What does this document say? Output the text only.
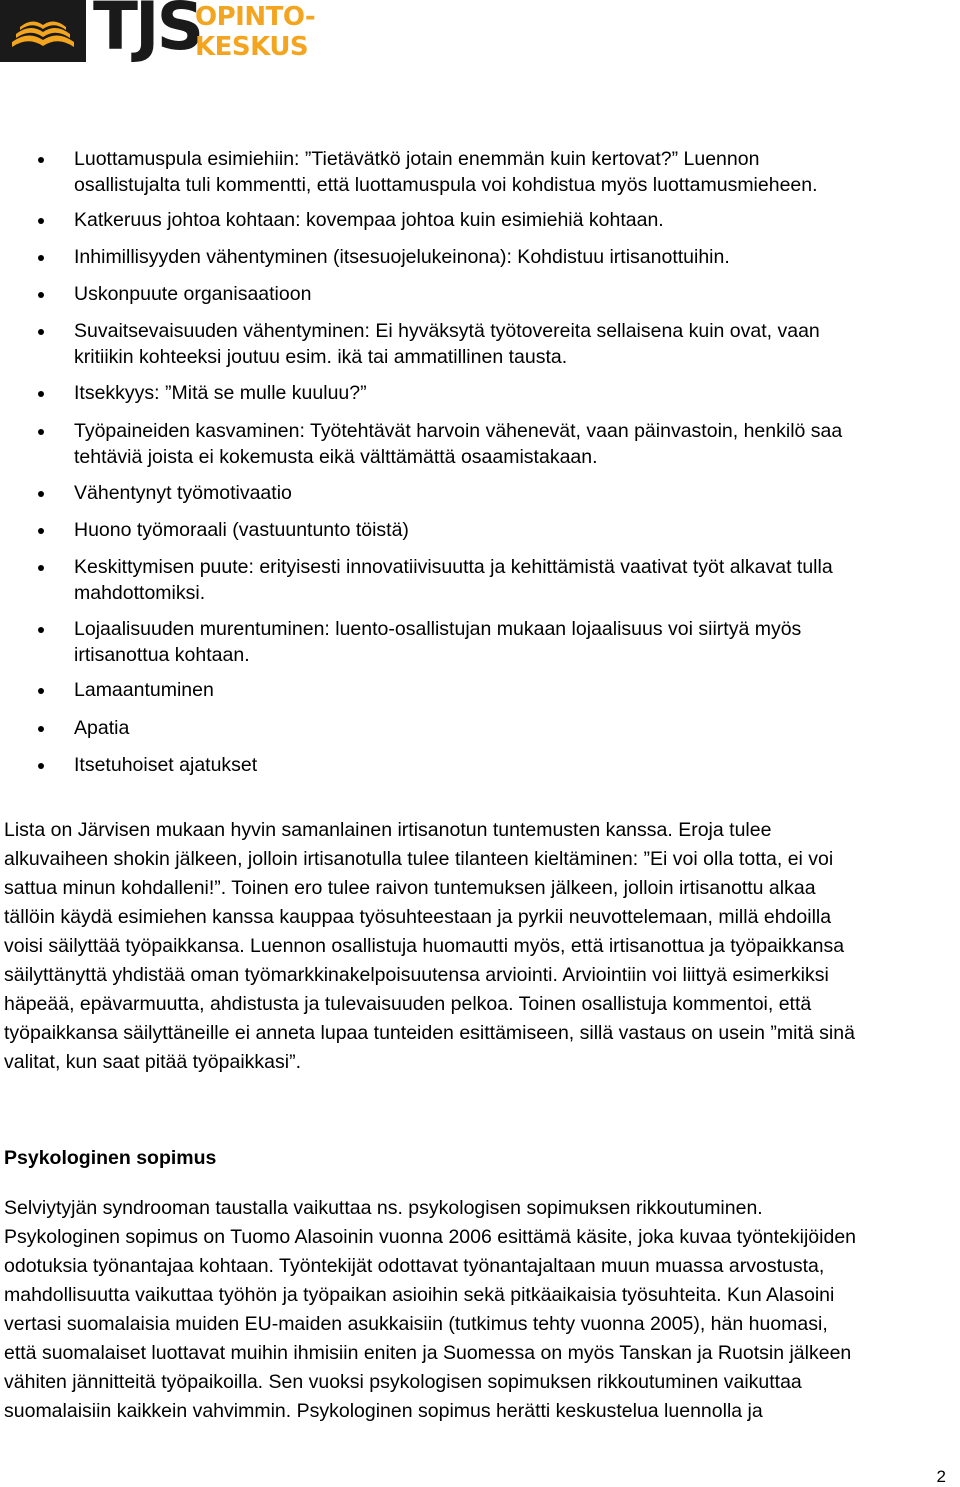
TJS
OPINTO-
KESKUS
Luottamuspula esimiehiin: ”Tietävätkö jotain enemmän kuin kertovat?” Luennon
osallistujalta tuli kommentti, että luottamuspula voi kohdistua myös luottamusmieheen.
Katkeruus johtoa kohtaan: kovempaa johtoa kuin esimiehiä kohtaan.
Inhimillisyyden vähentyminen (itsesuojelukeinona): Kohdistuu irtisanottuihin.
Uskonpuute organisaatioon
Suvaitsevaisuuden vähentyminen: Ei hyväksytä työtovereita sellaisena kuin ovat, vaan
kritiikin kohteeksi joutuu esim. ikä tai ammatillinen tausta.
Itsekkyys: ”Mitä se mulle kuuluu?”
Työpaineiden kasvaminen: Työtehtävät harvoin vähenevät, vaan päinvastoin, henkilö saa
tehtäviä joista ei kokemusta eikä välttämättä osaamistakaan.
Vähentynyt työmotivaatio
Huono työmoraali (vastuuntunto töistä)
Keskittymisen puute: erityisesti innovatiivisuutta ja kehittämistä vaativat työt alkavat tulla
mahdottomiksi.
Lojaalisuuden murentuminen: luento-osallistujan mukaan lojaalisuus voi siirtyä myös
irtisanottua kohtaan.
Lamaantuminen
Apatia
Itsetuhoiset ajatukset
Lista on Järvisen mukaan hyvin samanlainen irtisanotun tuntemusten kanssa. Eroja tulee
alkuvaiheen shokin jälkeen, jolloin irtisanotulla tulee tilanteen kieltäminen: ”Ei voi olla totta, ei voi
sattua minun kohdalleni!”. Toinen ero tulee raivon tuntemuksen jälkeen, jolloin irtisanottu alkaa
tällöin käydä esimiehen kanssa kauppaa työsuhteestaan ja pyrkii neuvottelemaan, millä ehdoilla
voisi säilyttää työpaikkansa. Luennon osallistuja huomautti myös, että irtisanottua ja työpaikkansa
säilyttänyttä yhdistää oman työmarkkinakelpoisuutensa arviointi. Arviointiin voi liittyä esimerkiksi
häpeää, epävarmuutta, ahdistusta ja tulevaisuuden pelkoa. Toinen osallistuja kommentoi, että
työpaikkansa säilyttäneille ei anneta lupaa tunteiden esittämiseen, sillä vastaus on usein ”mitä sinä
valitat, kun saat pitää työpaikkasi”.
Psykologinen sopimus
Selviytyjän syndrooman taustalla vaikuttaa ns. psykologisen sopimuksen rikkoutuminen.
Psykologinen sopimus on Tuomo Alasoinin vuonna 2006 esittämä käsite, joka kuvaa työntekijöiden
odotuksia työnantajaa kohtaan. Työntekijät odottavat työnantajaltaan muun muassa arvostusta,
mahdollisuutta vaikuttaa työhön ja työpaikan asioihin sekä pitkäaikaisia työsuhteita. Kun Alasoini
vertasi suomalaisia muiden EU-maiden asukkaisiin (tutkimus tehty vuonna 2005), hän huomasi,
että suomalaiset luottavat muihin ihmisiin eniten ja Suomessa on myös Tanskan ja Ruotsin jälkeen
vähiten jännitteitä työpaikoilla. Sen vuoksi psykologisen sopimuksen rikkoutuminen vaikuttaa
suomalaisiin kaikkein vahvimmin. Psykologinen sopimus herätti keskustelua luennolla ja
2
